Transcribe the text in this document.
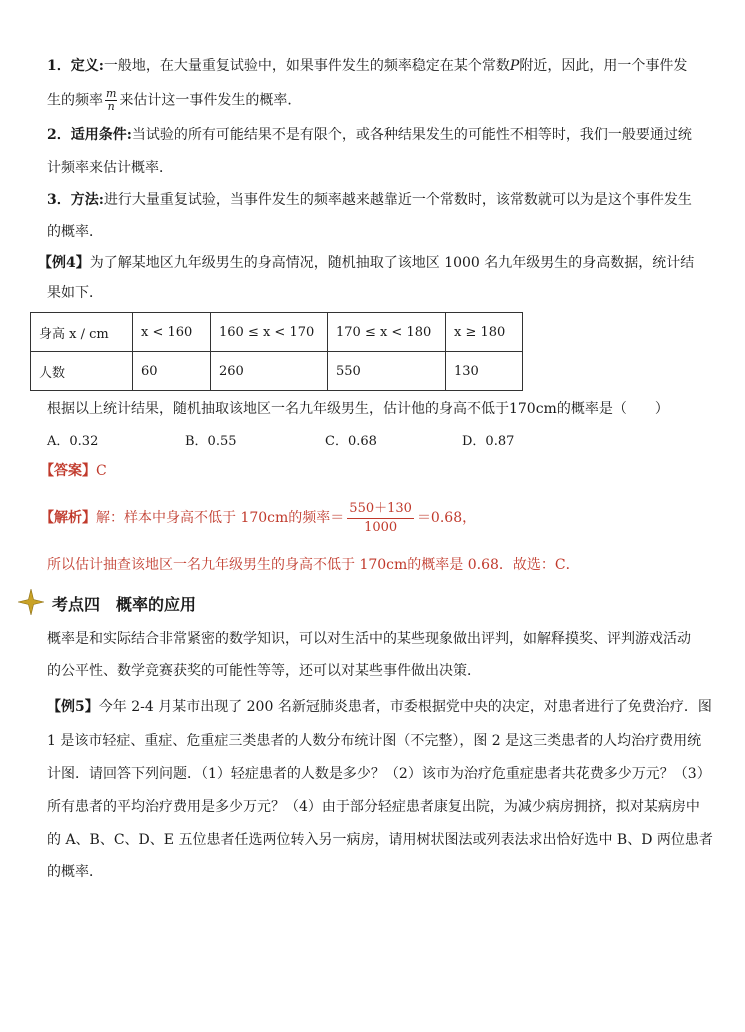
1．定义:一般地，在大量重复试验中，如果事件发生的频率稳定在某个常数P附近，因此，用一个事件发
生的频率 $\frac{m}{n}$ 来估计这一事件发生的概率．
2．适用条件:当试验的所有可能结果不是有限个，或各种结果发生的可能性不相等时，我们一般要通过统
计频率来估计概率．
3．方法:进行大量重复试验，当事件发生的频率越来越靠近一个常数时，该常数就可以为是这个事件发生
的概率．
【例4】为了解某地区九年级男生的身高情况，随机抽取了该地区 1000 名九年级男生的身高数据，统计结
果如下．
身高 x / cm	x < 160	160 ≤ x < 170	170 ≤ x < 180	x ≥ 180
人数	60	260	550	130
根据以上统计结果，随机抽取该地区一名九年级男生，估计他的身高不低于170cm的概率是（　　）
A．0.32	B．0.55	C．0.68	D．0.87
【答案】C
【解析】解：样本中身高不低于 170cm的频率＝ $\frac{550+130}{1000} =0.68$，
所以估计抽查该地区一名九年级男生的身高不低于 170cm的概率是 0.68．故选：C．
考点四　概率的应用
概率是和实际结合非常紧密的数学知识，可以对生活中的某些现象做出评判，如解释摸奖、评判游戏活动
的公平性、数学竞赛获奖的可能性等等，还可以对某些事件做出决策．
【例5】今年 2-4 月某市出现了 200 名新冠肺炎患者，市委根据党中央的决定，对患者进行了免费治疗．图
1 是该市轻症、重症、危重症三类患者的人数分布统计图（不完整），图 2 是这三类患者的人均治疗费用统
计图．请回答下列问题．（1）轻症患者的人数是多少？（2）该市为治疗危重症患者共花费多少万元？（3）
所有患者的平均治疗费用是多少万元？（4）由于部分轻症患者康复出院，为减少病房拥挤，拟对某病房中
的 A、B、C、D、E 五位患者任选两位转入另一病房，请用树状图法或列表法求出恰好选中 B、D 两位患者
的概率．
